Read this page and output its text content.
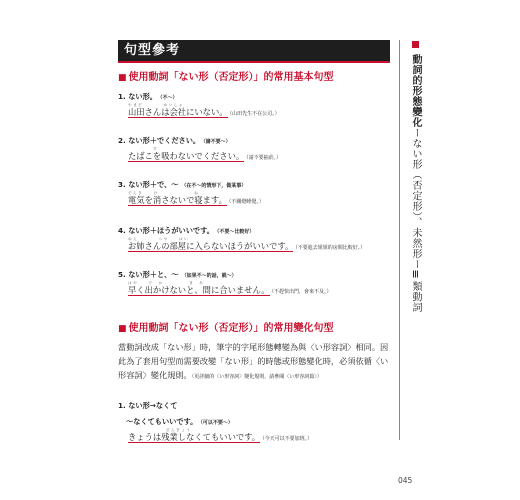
句型參考
■ 使用動詞「ない形（否定形）」的常用基本句型
1. ない形。 （不～）
やまだ　　　　かいしゃ
山田さんは会社にいない。 （山田先生不在公司。）
2. ない形＋でください。 （請不要～）
す
たばこを吸わないでください。 （請不要抽菸。）
3. ない形＋で、～ （在不～的情形下，做某事）
でんき　　け　　　　　　　ね
電気を消さないで寝ます。 （不關燈睡覺。）
4. ない形＋ほうがいいです。 （不要～比較好）
ねえ　　　　へや　　はい
お姉さんの部屋に入らないほうがいいです。 （不要進去姐姐的房間比較好。）
5. ない形＋と、～ （如果不～的話，就～）
はや　　で　か　　　　　ま　あ
早く出かけないと、間に合いません。 （不趕快出門，會來不及。）
■ 使用動詞「ない形（否定形）」的常用變化句型
當動詞改成「ない形」時，筆字的字尾形態轉變為與〈い形容詞〉相同。因此為了套用句型而需要改變「ない形」的時態或形態變化時，必須依循〈い形容詞〉變化規則。（更詳細的〈い形容詞〉變化規則，請參閱〈い形容詞篇〉）
1. ない形→なくて
～なくてもいいです。 （可以不要～）
ざんぎょう
きょうは残業しなくてもいいです。 （今天可以不要加班。）
動詞的形態變化ーない形（否定形）、未然形ーⅢ類動詞
045
